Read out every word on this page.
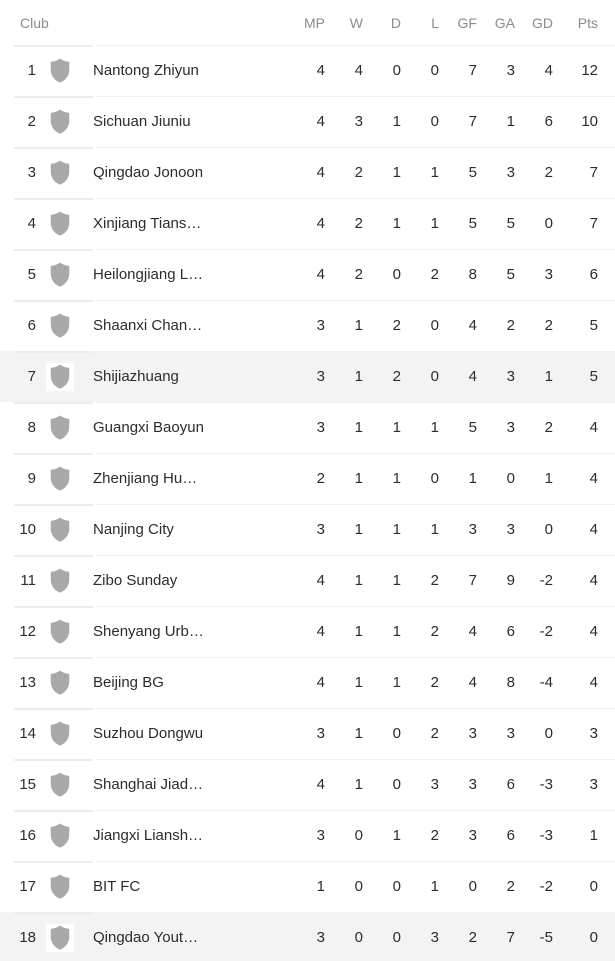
Club	MP	W	D	L	GF	GA	GD	Pts
1	Nantong Zhiyun	4	4	0	0	7	3	4	12
2	Sichuan Jiuniu	4	3	1	0	7	1	6	10
3	Qingdao Jonoon	4	2	1	1	5	3	2	7
4	Xinjiang Tians…	4	2	1	1	5	5	0	7
5	Heilongjiang L…	4	2	0	2	8	5	3	6
6	Shaanxi Chan…	3	1	2	0	4	2	2	5
7	Shijiazhuang	3	1	2	0	4	3	1	5
8	Guangxi Baoyun	3	1	1	1	5	3	2	4
9	Zhenjiang Hu…	2	1	1	0	1	0	1	4
10	Nanjing City	3	1	1	1	3	3	0	4
11	Zibo Sunday	4	1	1	2	7	9	-2	4
12	Shenyang Urb…	4	1	1	2	4	6	-2	4
13	Beijing BG	4	1	1	2	4	8	-4	4
14	Suzhou Dongwu	3	1	0	2	3	3	0	3
15	Shanghai Jiad…	4	1	0	3	3	6	-3	3
16	Jiangxi Liansh…	3	0	1	2	3	6	-3	1
17	BIT FC	1	0	0	1	0	2	-2	0
18	Qingdao Yout…	3	0	0	3	2	7	-5	0
